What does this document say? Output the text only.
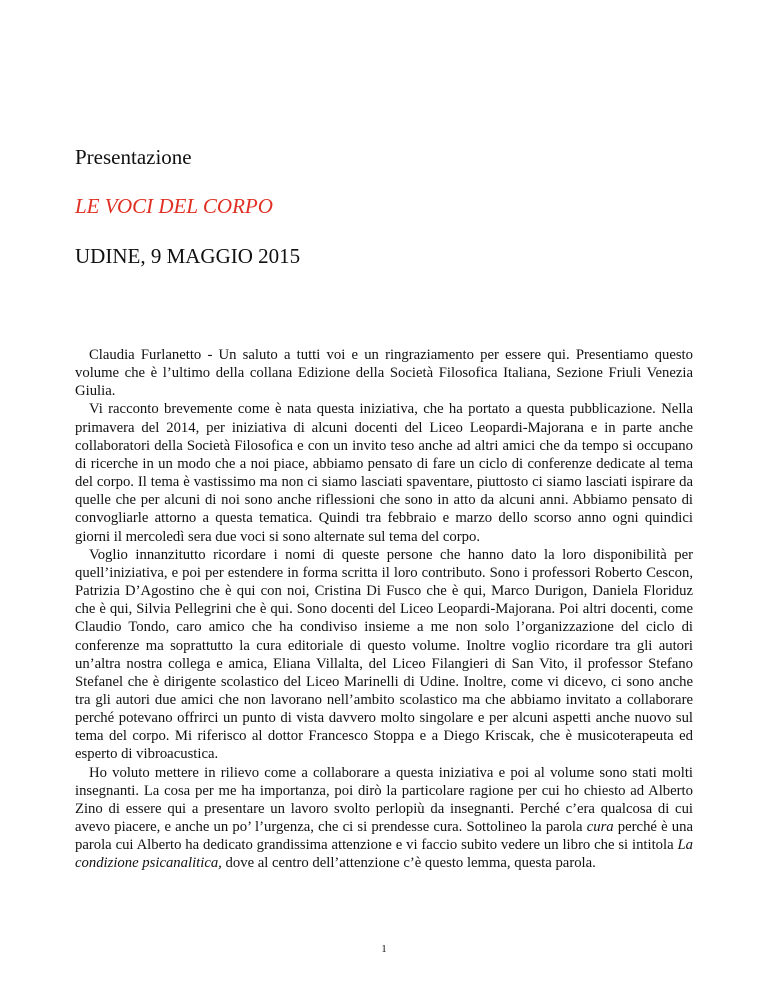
Presentazione
LE VOCI DEL CORPO
UDINE, 9 MAGGIO 2015

Claudia Furlanetto - Un saluto a tutti voi e un ringraziamento per essere qui. Presentiamo questo volume che è l’ultimo della collana Edizione della Società Filosofica Italiana, Sezione Friuli Venezia Giulia.

Vi racconto brevemente come è nata questa iniziativa, che ha portato a questa pubblicazione. Nella primavera del 2014, per iniziativa di alcuni docenti del Liceo Leopardi-Majorana e in parte anche collaboratori della Società Filosofica e con un invito teso anche ad altri amici che da tempo si occupano di ricerche in un modo che a noi piace, abbiamo pensato di fare un ciclo di conferenze dedicate al tema del corpo. Il tema è vastissimo ma non ci siamo lasciati spaventare, piuttosto ci siamo lasciati ispirare da quelle che per alcuni di noi sono anche riflessioni che sono in atto da alcuni anni. Abbiamo pensato di convogliarle attorno a questa tematica. Quindi tra febbraio e marzo dello scorso anno ogni quindici giorni il mercoledì sera due voci si sono alternate sul tema del corpo.

Voglio innanzitutto ricordare i nomi di queste persone che hanno dato la loro disponibilità per quell’iniziativa, e poi per estendere in forma scritta il loro contributo. Sono i professori Roberto Cescon, Patrizia D’Agostino che è qui con noi, Cristina Di Fusco che è qui, Marco Durigon, Daniela Floriduz che è qui, Silvia Pellegrini che è qui. Sono docenti del Liceo Leopardi-Majorana. Poi altri docenti, come Claudio Tondo, caro amico che ha condiviso insieme a me non solo l’organizzazione del ciclo di conferenze ma soprattutto la cura editoriale di questo volume. Inoltre voglio ricordare tra gli autori un’altra nostra collega e amica, Eliana Villalta, del Liceo Filangieri di San Vito, il professor Stefano Stefanel che è dirigente scolastico del Liceo Marinelli di Udine. Inoltre, come vi dicevo, ci sono anche tra gli autori due amici che non lavorano nell’ambito scolastico ma che abbiamo invitato a collaborare perché potevano offrirci un punto di vista davvero molto singolare e per alcuni aspetti anche nuovo sul tema del corpo. Mi riferisco al dottor Francesco Stoppa e a Diego Kriscak, che è musicoterapeuta ed esperto di vibroacustica.

Ho voluto mettere in rilievo come a collaborare a questa iniziativa e poi al volume sono stati molti insegnanti. La cosa per me ha importanza, poi dirò la particolare ragione per cui ho chiesto ad Alberto Zino di essere qui a presentare un lavoro svolto perlopiù da insegnanti. Perché c’era qualcosa di cui avevo piacere, e anche un po’ l’urgenza, che ci si prendesse cura. Sottolineo la parola cura perché è una parola cui Alberto ha dedicato grandissima attenzione e vi faccio subito vedere un libro che si intitola La condizione psicanalitica, dove al centro dell’attenzione c’è questo lemma, questa parola.

1
